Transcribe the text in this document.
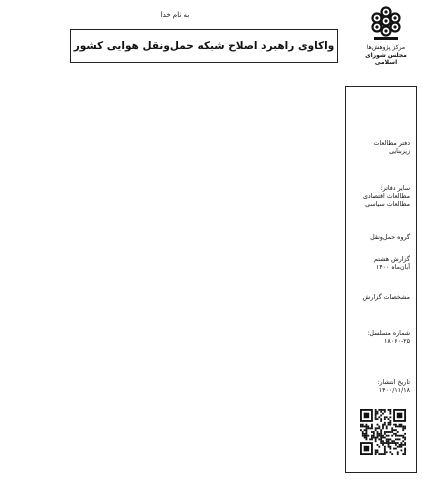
به نام خدا
واکاوی راهبرد اصلاح شبکه حمل‌ونقل هوایی کشور	مرکز پژوهش‌ها
مجلس شورای اسلامی
دفتر مطالعات
زیربنایی
سایر دفاتر:
مطالعات اقتصادی
مطالعات سیاسی
گروه حمل‌ونقل
گزارش هشتم
آبان‌ماه ۱۴۰۰
مشخصات گزارش
شماره مسلسل:
۱۸۰۶۰-۲۵
تاریخ انتشار:
۱۴۰۰/۱۱/۱۸
